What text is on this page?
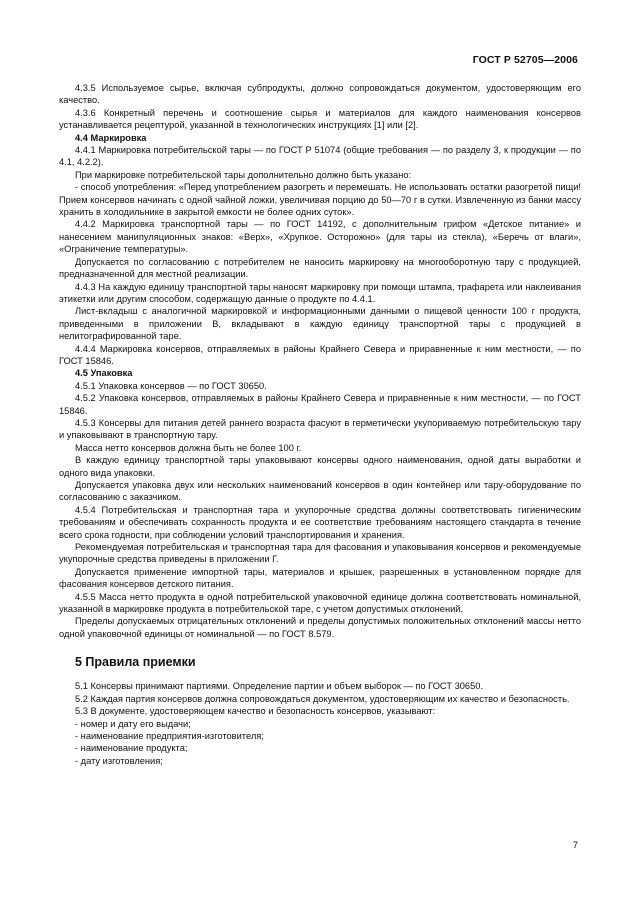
ГОСТ Р 52705—2006

4.3.5 Используемое сырье, включая субпродукты, должно сопровождаться документом, удостоверяющим его качество.

4.3.6 Конкретный перечень и соотношение сырья и материалов для каждого наименования консервов устанавливается рецептурой, указанной в технологических инструкциях [1] или [2].

4.4 Маркировка

4.4.1 Маркировка потребительской тары — по ГОСТ Р 51074 (общие требования — по разделу 3, к продукции — по 4.1, 4.2.2).

При маркировке потребительской тары дополнительно должно быть указано:

- способ употребления: «Перед употреблением разогреть и перемешать. Не использовать остатки разогретой пищи! Прием консервов начинать с одной чайной ложки, увеличивая порцию до 50—70 г в сутки. Извлеченную из банки массу хранить в холодильнике в закрытой емкости не более одних суток».

4.4.2 Маркировка транспортной тары — по ГОСТ 14192, с дополнительным грифом «Детское питание» и нанесением манипуляционных знаков: «Верх», «Хрупкое. Осторожно» (для тары из стекла), «Беречь от влаги», «Ограничение температуры».

Допускается по согласованию с потребителем не наносить маркировку на многооборотную тару с продукцией, предназначенной для местной реализации.

4.4.3 На каждую единицу транспортной тары наносят маркировку при помощи штампа, трафарета или наклеивания этикетки или другим способом, содержащую данные о продукте по 4.4.1.

Лист-вкладыш с аналогичной маркировкой и информационными данными о пищевой ценности 100 г продукта, приведенными в приложении В, вкладывают в каждую единицу транспортной тары с продукцией в нелитографированной таре.

4.4.4 Маркировка консервов, отправляемых в районы Крайнего Севера и приравненные к ним местности, — по ГОСТ 15846.

4.5 Упаковка

4.5.1 Упаковка консервов — по ГОСТ 30650.

4.5.2 Упаковка консервов, отправляемых в районы Крайнего Севера и приравненные к ним местности, — по ГОСТ 15846.

4.5.3 Консервы для питания детей раннего возраста фасуют в герметически укупориваемую потребительскую тару и упаковывают в транспортную тару.

Масса нетто консервов должна быть не более 100 г.

В каждую единицу транспортной тары упаковывают консервы одного наименования, одной даты выработки и одного вида упаковки.

Допускается упаковка двух или нескольких наименований консервов в один контейнер или тару-оборудование по согласованию с заказчиком.

4.5.4 Потребительская и транспортная тара и укупорочные средства должны соответствовать гигиеническим требованиям и обеспечивать сохранность продукта и ее соответствие требованиям настоящего стандарта в течение всего срока годности, при соблюдении условий транспортирования и хранения.

Рекомендуемая потребительская и транспортная тара для фасования и упаковывания консервов и рекомендуемые укупорочные средства приведены в приложении Г.

Допускается применение импортной тары, материалов и крышек, разрешенных в установленном порядке для фасования консервов детского питания.

4.5.5 Масса нетто продукта в одной потребительской упаковочной единице должна соответствовать номинальной, указанной в маркировке продукта в потребительской таре, с учетом допустимых отклонений.

Пределы допускаемых отрицательных отклонений и пределы допустимых положительных отклонений массы нетто одной упаковочной единицы от номинальной — по ГОСТ 8.579.

5 Правила приемки

5.1 Консервы принимают партиями. Определение партии и объем выборок — по ГОСТ 30650.

5.2 Каждая партия консервов должна сопровождаться документом, удостоверяющим их качество и безопасность.

5.3 В документе, удостоверяющем качество и безопасность консервов, указывают:

- номер и дату его выдачи;

- наименование предприятия-изготовителя;

- наименование продукта;

- дату изготовления;

7
